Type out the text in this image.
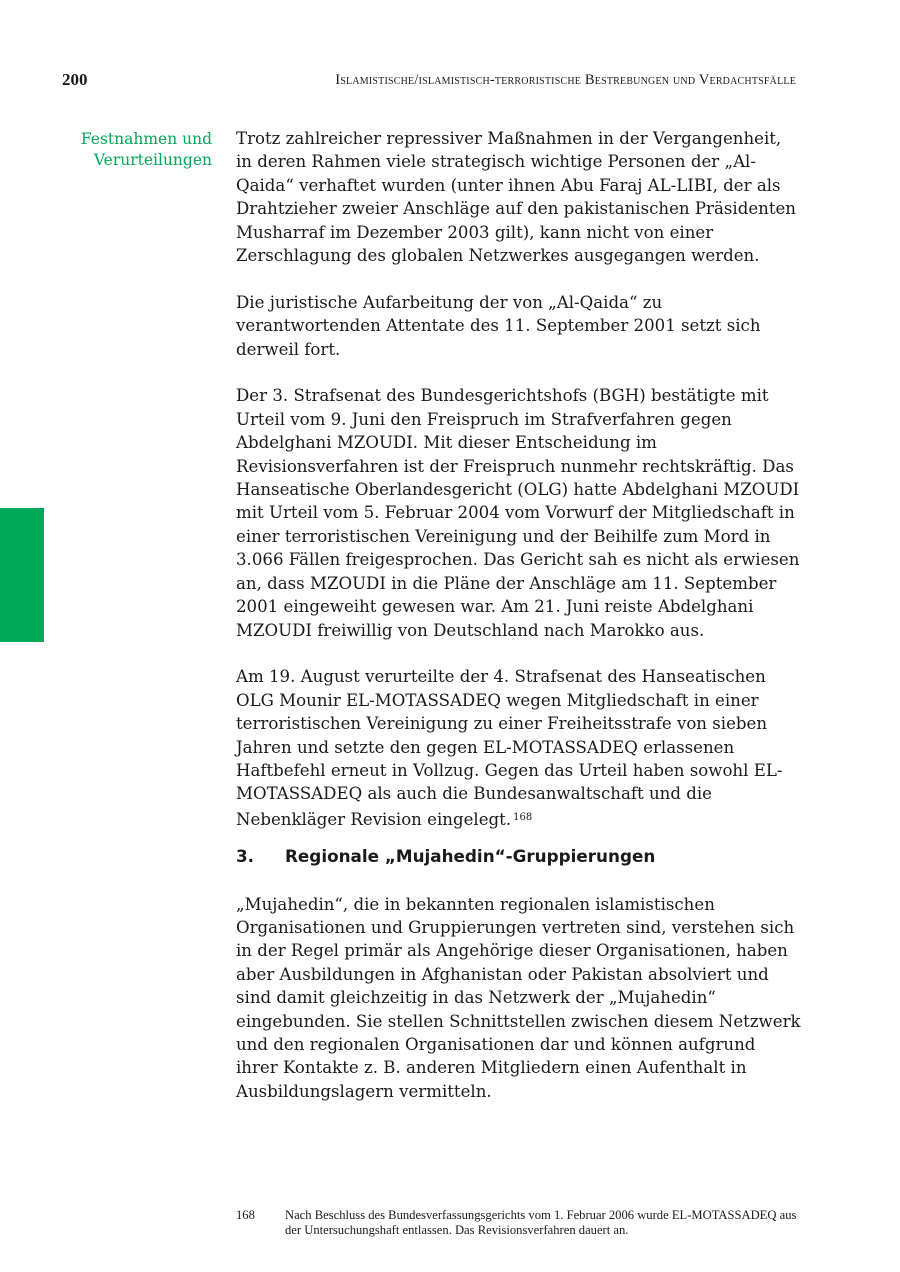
200	Islamistische/islamistisch-terroristische Bestrebungen und Verdachtsfälle
Festnahmen und
Verurteilungen

Trotz zahlreicher repressiver Maßnahmen in der Vergangenheit, in deren Rahmen viele strategisch wichtige Personen der „Al-Qaida“ verhaftet wurden (unter ihnen Abu Faraj AL-LIBI, der als Drahtzieher zweier Anschläge auf den pakistanischen Präsidenten Musharraf im Dezember 2003 gilt), kann nicht von einer Zerschlagung des globalen Netzwerkes ausgegangen werden.

Die juristische Aufarbeitung der von „Al-Qaida“ zu verantwortenden Attentate des 11. September 2001 setzt sich derweil fort.

Der 3. Strafsenat des Bundesgerichtshofs (BGH) bestätigte mit Urteil vom 9. Juni den Freispruch im Strafverfahren gegen Abdelghani MZOUDI. Mit dieser Entscheidung im Revisionsverfahren ist der Freispruch nunmehr rechtskräftig. Das Hanseatische Oberlandesgericht (OLG) hatte Abdelghani MZOUDI mit Urteil vom 5. Februar 2004 vom Vorwurf der Mitgliedschaft in einer terroristischen Vereinigung und der Beihilfe zum Mord in 3.066 Fällen freigesprochen. Das Gericht sah es nicht als erwiesen an, dass MZOUDI in die Pläne der Anschläge am 11. September 2001 eingeweiht gewesen war. Am 21. Juni reiste Abdelghani MZOUDI freiwillig von Deutschland nach Marokko aus.

Am 19. August verurteilte der 4. Strafsenat des Hanseatischen OLG Mounir EL-MOTASSADEQ wegen Mitgliedschaft in einer terroristischen Vereinigung zu einer Freiheitsstrafe von sieben Jahren und setzte den gegen EL-MOTASSADEQ erlassenen Haftbefehl erneut in Vollzug. Gegen das Urteil haben sowohl EL-MOTASSADEQ als auch die Bundesanwaltschaft und die Nebenkläger Revision eingelegt. $^{168}$

3.	Regionale „Mujahedin“-Gruppierungen

„Mujahedin“, die in bekannten regionalen islamistischen Organisationen und Gruppierungen vertreten sind, verstehen sich in der Regel primär als Angehörige dieser Organisationen, haben aber Ausbildungen in Afghanistan oder Pakistan absolviert und sind damit gleichzeitig in das Netzwerk der „Mujahedin“ eingebunden. Sie stellen Schnittstellen zwischen diesem Netzwerk und den regionalen Organisationen dar und können aufgrund ihrer Kontakte z. B. anderen Mitgliedern einen Aufenthalt in Ausbildungslagern vermitteln.

168	Nach Beschluss des Bundesverfassungsgerichts vom 1. Februar 2006 wurde EL-MOTASSADEQ aus der Untersuchungshaft entlassen. Das Revisionsverfahren dauert an.
